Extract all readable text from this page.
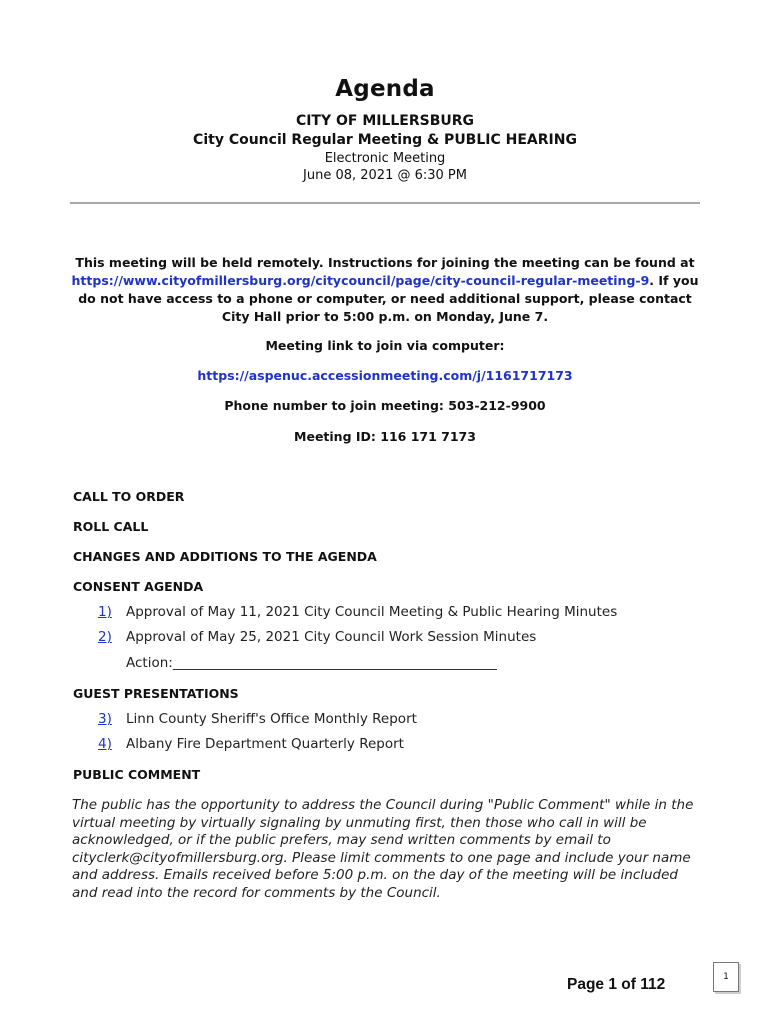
Agenda
CITY OF MILLERSBURG
City Council Regular Meeting & PUBLIC HEARING
Electronic Meeting
June 08, 2021 @ 6:30 PM
This meeting will be held remotely. Instructions for joining the meeting can be found at https://www.cityofmillersburg.org/citycouncil/page/city-council-regular-meeting-9. If you do not have access to a phone or computer, or need additional support, please contact City Hall prior to 5:00 p.m. on Monday, June 7.
Meeting link to join via computer:
https://aspenuc.accessionmeeting.com/j/1161717173
Phone number to join meeting: 503-212-9900
Meeting ID: 116 171 7173
CALL TO ORDER
ROLL CALL
CHANGES AND ADDITIONS TO THE AGENDA
CONSENT AGENDA
1) Approval of May 11, 2021 City Council Meeting & Public Hearing Minutes
2) Approval of May 25, 2021 City Council Work Session Minutes
Action:________________________________________________
GUEST PRESENTATIONS
3) Linn County Sheriff's Office Monthly Report
4) Albany Fire Department Quarterly Report
PUBLIC COMMENT
The public has the opportunity to address the Council during "Public Comment" while in the virtual meeting by virtually signaling by unmuting first, then those who call in will be acknowledged, or if the public prefers, may send written comments by email to cityclerk@cityofmillersburg.org. Please limit comments to one page and include your name and address. Emails received before 5:00 p.m. on the day of the meeting will be included and read into the record for comments by the Council.
Page 1 of 112	1
